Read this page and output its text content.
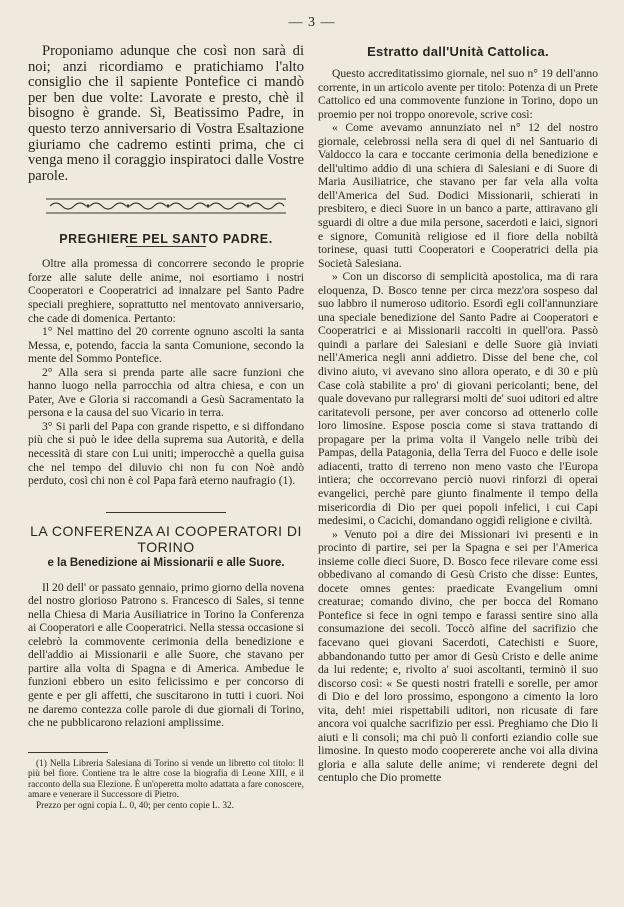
— 3 —

Proponiamo adunque che così non sarà di noi; anzi ricordiamo e pratichiamo l'alto consiglio che il sapiente Pontefice ci mandò per ben due volte: Lavorate e presto, chè il bisogno è grande. Sì, Beatissimo Padre, in questo terzo anniversario di Vostra Esaltazione giuriamo che cadremo estinti prima, che ci venga meno il coraggio inspiratoci dalle Vostre parole.

PREGHIERE PEL SANTO PADRE.

Oltre alla promessa di concorrere secondo le proprie forze alle salute delle anime, noi esortiamo i nostri Cooperatori e Cooperatrici ad innalzare pel Santo Padre speciali preghiere, soprattutto nel mentovato anniversario, che cade di domenica. Pertanto:

1° Nel mattino del 20 corrente ognuno ascolti la santa Messa, e, potendo, faccia la santa Comunione, secondo la mente del Sommo Pontefice.

2° Alla sera si prenda parte alle sacre funzioni che hanno luogo nella parrocchia od altra chiesa, e con un Pater, Ave e Gloria si raccomandi a Gesù Sacramentato la persona e la causa del suo Vicario in terra.

3° Si parli del Papa con grande rispetto, e si diffondano più che si può le idee della suprema sua Autorità, e della necessità di stare con Lui uniti; imperocchè a quella guisa che nel tempo del diluvio chi non fu con Noè andò perduto, così chi non è col Papa farà eterno naufragio (1).

LA CONFERENZA AI COOPERATORI DI TORINO

e la Benedizione ai Missionarii e alle Suore.

Il 20 dell' or passato gennaio, primo giorno della novena del nostro glorioso Patrono s. Francesco di Sales, si tenne nella Chiesa di Maria Ausiliatrice in Torino la Conferenza ai Cooperatori e alle Cooperatrici. Nella stessa occasione si celebrò la commovente cerimonia della benedizione e dell'addio ai Missionarii e alle Suore, che stavano per partire alla volta di Spagna e di America. Ambedue le funzioni ebbero un esito felicissimo e per concorso di gente e per gli affetti, che suscitarono in tutti i cuori. Noi ne daremo contezza colle parole di due giornali di Torino, che ne pubblicarono relazioni amplissime.

(1) Nella Libreria Salesiana di Torino si vende un libretto col titolo: Il più bel fiore. Contiene tra le altre cose la biografia di Leone XIII, e il racconto della sua Elezione. È un'operetta molto adattata a fare conoscere, amare e venerare il Successore di Pietro.

Prezzo per ogni copia L. 0, 40; per cento copie L. 32.

Estratto dall'Unità Cattolica.

Questo accreditatissimo giornale, nel suo n° 19 dell'anno corrente, in un articolo avente per titolo: Potenza di un Prete Cattolico ed una commovente funzione in Torino, dopo un proemio per noi troppo onorevole, scrive così:

« Come avevamo annunziato nel n° 12 del nostro giornale, celebrossi nella sera di quel di nel Santuario di Valdocco la cara e toccante cerimonia della benedizione e dell'ultimo addio di una schiera di Salesiani e di Suore di Maria Ausiliatrice, che stavano per far vela alla volta dell'America del Sud. Dodici Missionarii, schierati in presbitero, e dieci Suore in un banco a parte, attiravano gli sguardi di oltre a due mila persone, sacerdoti e laici, signori e signore, Comunità religiose ed il fiore della nobiltà torinese, quasi tutti Cooperatori e Cooperatrici della pia Società Salesiana.

» Con un discorso di semplicità apostolica, ma di rara eloquenza, D. Bosco tenne per circa mezz'ora sospeso dal suo labbro il numeroso uditorio. Esordì egli coll'annunziare una speciale benedizione del Santo Padre ai Cooperatori e Cooperatrici e ai Missionarii raccolti in quell'ora. Passò quindi a parlare dei Salesiani e delle Suore già inviati nell'America negli anni addietro. Disse del bene che, col divino aiuto, vi avevano sino allora operato, e di 30 e più Case colà stabilite a pro' di giovani pericolanti; bene, del quale dovevano pur rallegrarsi molti de' suoi uditori ed altre caritatevoli persone, per aver concorso ad ottenerlo colle loro limosine. Espose poscia come si stava trattando di propagare per la prima volta il Vangelo nelle tribù dei Pampas, della Patagonia, della Terra del Fuoco e delle isole adiacenti, tratto di terreno non meno vasto che l'Europa intiera; che occorrevano perciò nuovi rinforzi di operai evangelici, perchè pare giunto finalmente il tempo della misericordia di Dio per quei popoli infelici, i cui Capi medesimi, o Cacichi, domandano oggidì religione e civiltà.

» Venuto poi a dire dei Missionari ivi presenti e in procinto di partire, sei per la Spagna e sei per l'America insieme colle dieci Suore, D. Bosco fece rilevare come essi obbedivano al comando di Gesù Cristo che disse: Euntes, docete omnes gentes: praedicate Evangelium omni creaturae; comando divino, che per bocca del Romano Pontefice si fece in ogni tempo e farassi sentire sino alla consumazione dei secoli. Toccò alfine del sacrifizio che facevano quei giovani Sacerdoti, Catechisti e Suore, abbandonando tutto per amor di Gesù Cristo e delle anime da lui redente; e, rivolto a' suoi ascoltanti, terminò il suo discorso così: « Se questi nostri fratelli e sorelle, per amor di Dio e del loro prossimo, espongono a cimento la loro vita, deh! miei rispettabili uditori, non ricusate di fare ancora voi qualche sacrifizio per essi. Preghiamo che Dio li aiuti e li consoli; ma chi può li conforti eziandio colle sue limosine. In questo modo coopererete anche voi alla divina gloria e alla salute delle anime; vi renderete degni del centuplo che Dio promette
